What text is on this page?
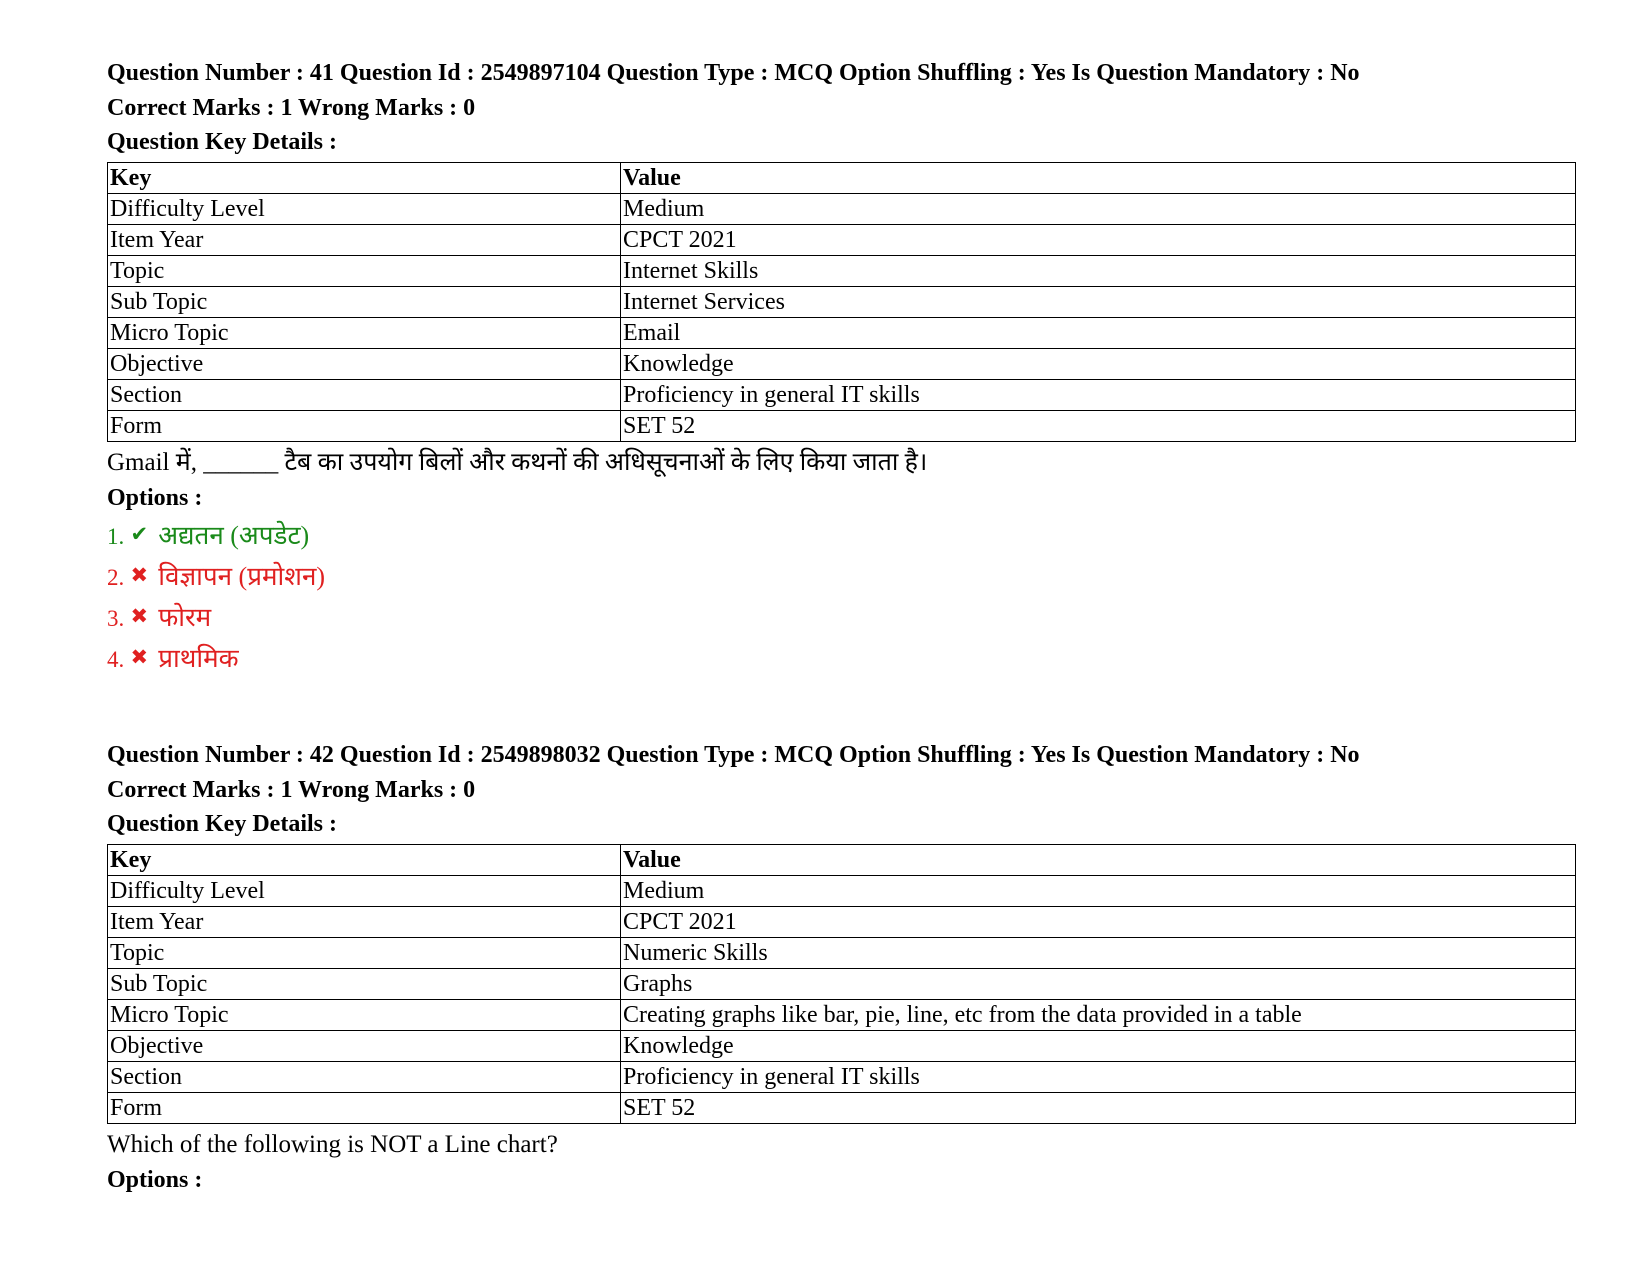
Question Number : 41 Question Id : 2549897104 Question Type : MCQ Option Shuffling : Yes Is Question Mandatory : No
Correct Marks : 1 Wrong Marks : 0
Question Key Details :
Key	Value
Difficulty Level	Medium
Item Year	CPCT 2021
Topic	Internet Skills
Sub Topic	Internet Services
Micro Topic	Email
Objective	Knowledge
Section	Proficiency in general IT skills
Form	SET 52
Gmail में, ______ टैब का उपयोग बिलों और कथनों की अधिसूचनाओं के लिए किया जाता है।
Options :
1. ✔ अद्यतन (अपडेट)
2. ✖ विज्ञापन (प्रमोशन)
3. ✖ फोरम
4. ✖ प्राथमिक
Question Number : 42 Question Id : 2549898032 Question Type : MCQ Option Shuffling : Yes Is Question Mandatory : No
Correct Marks : 1 Wrong Marks : 0
Question Key Details :
Key	Value
Difficulty Level	Medium
Item Year	CPCT 2021
Topic	Numeric Skills
Sub Topic	Graphs
Micro Topic	Creating graphs like bar, pie, line, etc from the data provided in a table
Objective	Knowledge
Section	Proficiency in general IT skills
Form	SET 52
Which of the following is NOT a Line chart?
Options :
